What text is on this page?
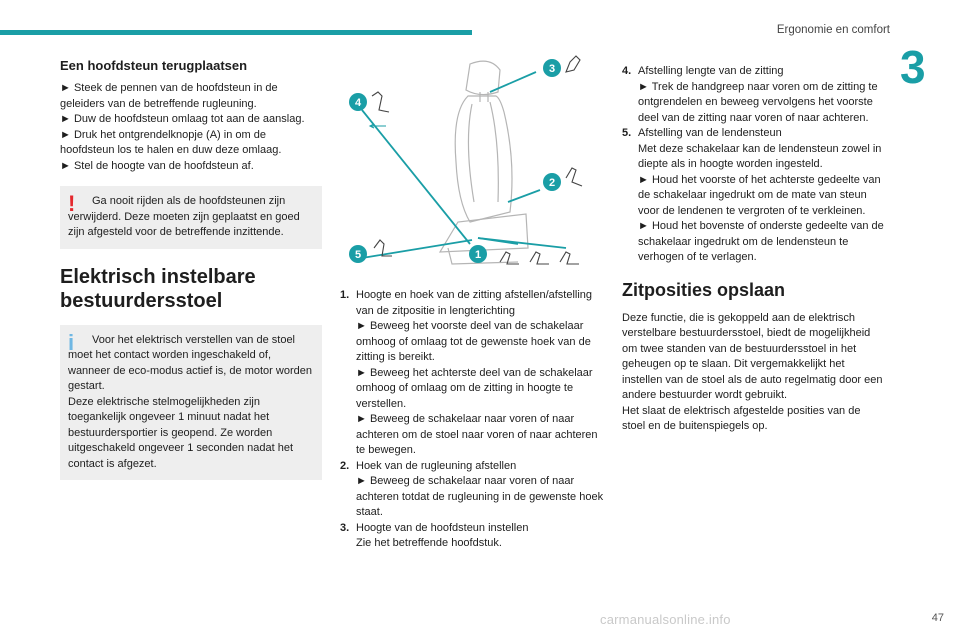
Ergonomie en comfort
3
Een hoofdsteun terugplaatsen

► Steek de pennen van de hoofdsteun in de geleiders van de betreffende rugleuning.

► Duw de hoofdsteun omlaag tot aan de aanslag.

► Druk het ontgrendelknopje (A) in om de hoofdsteun los te halen en duw deze omlaag.

► Stel de hoogte van de hoofdsteun af.

!	Ga nooit rijden als de hoofdsteunen zijn verwijderd. Deze moeten zijn geplaatst en goed zijn afgesteld voor de betreffende inzittende.

Elektrisch instelbare
bestuurdersstoel
i	Voor het elektrisch verstellen van de stoel moet het contact worden ingeschakeld of, wanneer de eco-modus actief is, de motor worden gestart.

Deze elektrische stelmogelijkheden zijn toegankelijk ongeveer 1 minuut nadat het bestuurdersportier is geopend. Ze worden uitgeschakeld ongeveer 1 seconden nadat het contact is afgezet.

1
2
3
4
5
1. Hoogte en hoek van de zitting afstellen/afstelling van de zitpositie in lengterichting
► Beweeg het voorste deel van de schakelaar omhoog of omlaag tot de gewenste hoek van de zitting is bereikt.
► Beweeg het achterste deel van de schakelaar omhoog of omlaag om de zitting in hoogte te verstellen.
► Beweeg de schakelaar naar voren of naar achteren om de stoel naar voren of naar achteren te bewegen.
2. Hoek van de rugleuning afstellen
► Beweeg de schakelaar naar voren of naar achteren totdat de rugleuning in de gewenste hoek staat.
3. Hoogte van de hoofdsteun instellen
Zie het betreffende hoofdstuk.
4. Afstelling lengte van de zitting
► Trek de handgreep naar voren om de zitting te ontgrendelen en beweeg vervolgens het voorste deel van de zitting naar voren of naar achteren.
5. Afstelling van de lendensteun
Met deze schakelaar kan de lendensteun zowel in diepte als in hoogte worden ingesteld.
► Houd het voorste of het achterste gedeelte van de schakelaar ingedrukt om de mate van steun voor de lendenen te vergroten of te verkleinen.
► Houd het bovenste of onderste gedeelte van de schakelaar ingedrukt om de lendensteun te verhogen of te verlagen.
Zitposities opslaan

Deze functie, die is gekoppeld aan de elektrisch verstelbare bestuurdersstoel, biedt de mogelijkheid om twee standen van de bestuurdersstoel in het geheugen op te slaan. Dit vergemakkelijkt het instellen van de stoel als de auto regelmatig door een andere bestuurder wordt gebruikt.

Het slaat de elektrisch afgestelde posities van de stoel en de buitenspiegels op.

carmanualsonline.info	47
